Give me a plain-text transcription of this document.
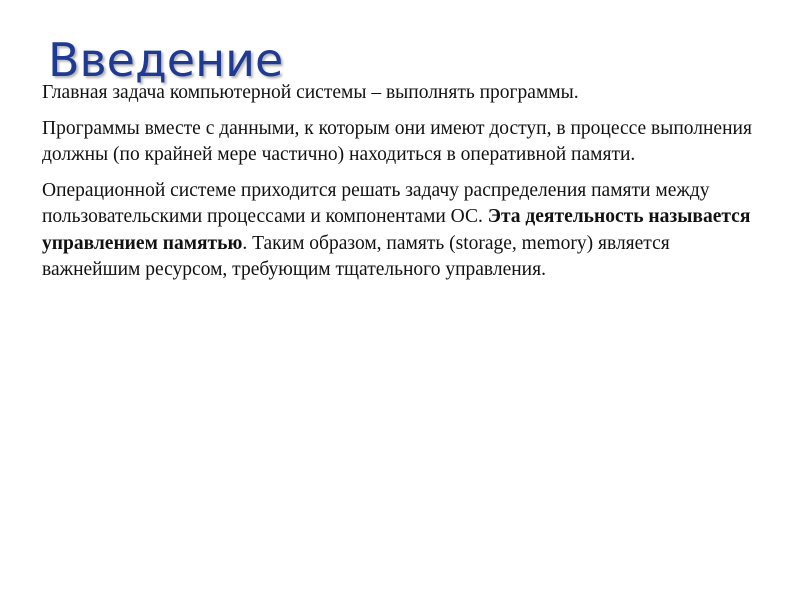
Введение

Главная задача компьютерной системы – выполнять программы.

Программы вместе с данными, к которым они имеют доступ, в процессе выполнения должны (по крайней мере частично) находиться в оперативной памяти.

Операционной системе приходится решать задачу распределения памяти между пользовательскими процессами и компонентами ОС. Эта деятельность называется управлением памятью. Таким образом, память (storage, memory) является важнейшим ресурсом, требующим тщательного управления.
